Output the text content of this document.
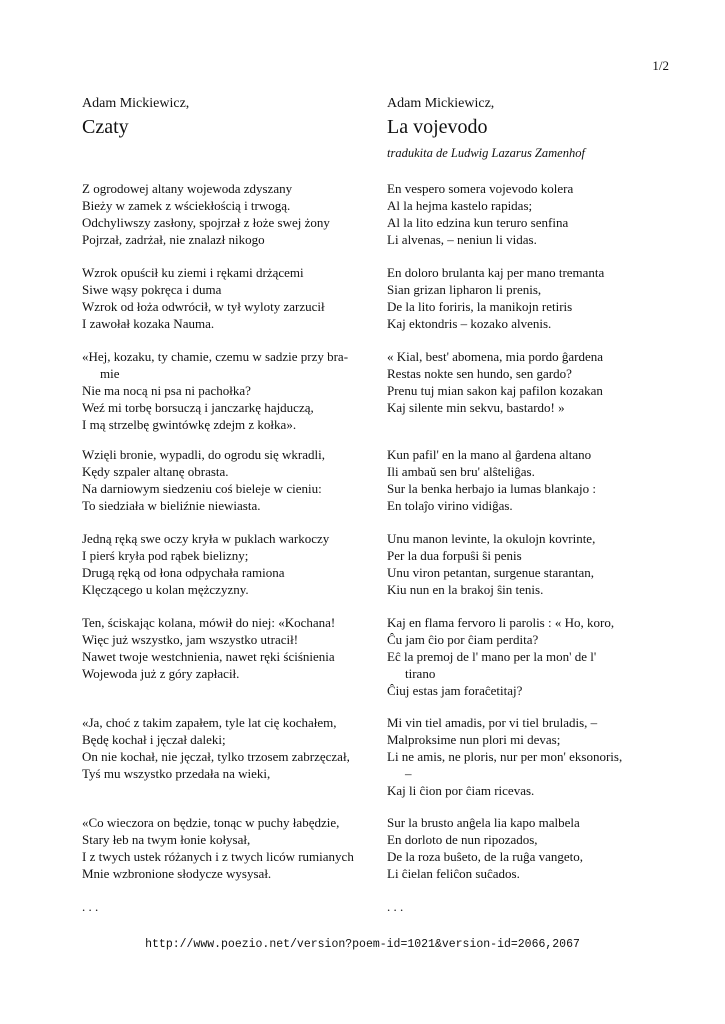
1/2
Adam Mickiewicz,
Czaty
Adam Mickiewicz,
La vojevodo
tradukita de Ludwig Lazarus Zamenhof
Z ogrodowej altany wojewoda zdyszany
Bieży w zamek z wściekłością i trwogą.
Odchyliwszy zasłony, spojrzał z łoże swej żony
Pojrzał, zadrżał, nie znalazł nikogo
Wzrok opuścił ku ziemi i rękami drżącemi
Siwe wąsy pokręca i duma
Wzrok od łoża odwrócił, w tył wyloty zarzucił
I zawołał kozaka Nauma.
«Hej, kozaku, ty chamie, czemu w sadzie przy bra-
mie
Nie ma nocą ni psa ni pachołka?
Weź mi torbę borsuczą i janczarkę hajduczą,
I mą strzelbę gwintówkę zdejm z kołka».
Wzięli bronie, wypadli, do ogrodu się wkradli,
Kędy szpaler altanę obrasta.
Na darniowym siedzeniu coś bieleje w cieniu:
To siedziała w bieliźnie niewiasta.
Jedną ręką swe oczy kryła w puklach warkoczy
I pierś kryła pod rąbek bielizny;
Drugą ręką od łona odpychała ramiona
Klęczącego u kolan mężczyzny.
Ten, ściskając kolana, mówił do niej: «Kochana!
Więc już wszystko, jam wszystko utracił!
Nawet twoje westchnienia, nawet ręki ściśnienia
Wojewoda już z góry zapłacił.
«Ja, choć z takim zapałem, tyle lat cię kochałem,
Będę kochał i jęczał daleki;
On nie kochał, nie jęczał, tylko trzosem zabrzęczał,
Tyś mu wszystko przedała na wieki,
«Co wieczora on będzie, tonąc w puchy łabędzie,
Stary łeb na twym łonie kołysał,
I z twych ustek różanych i z twych liców rumianych
Mnie wzbronione słodycze wysysał.
. . .
En vespero somera vojevodo kolera
Al la hejma kastelo rapidas;
Al la lito edzina kun teruro senfina
Li alvenas, – neniun li vidas.
En doloro brulanta kaj per mano tremanta
Sian grizan lipharon li prenis,
De la lito foriris, la manikojn retiris
Kaj ektondris – kozako alvenis.
« Kial, best' abomena, mia pordo ĝardena
Restas nokte sen hundo, sen gardo?
Prenu tuj mian sakon kaj pafilon kozakan
Kaj silente min sekvu, bastardo! »
Kun pafil' en la mano al ĝardena altano
Ili ambaŭ sen bru' alŝteliĝas.
Sur la benka herbajo ia lumas blankajo :
En tolaĵo virino vidiĝas.
Unu manon levinte, la okulojn kovrinte,
Per la dua forpuŝi ŝi penis
Unu viron petantan, surgenue starantan,
Kiu nun en la brakoj ŝin tenis.
Kaj en flama fervoro li parolis : « Ho, koro,
Ĉu jam ĉio por ĉiam perdita?
Eĉ la premoj de l' mano per la mon' de l'
tirano
Ĉiuj estas jam foraĉetitaj?
Mi vin tiel amadis, por vi tiel bruladis, –
Malproksime nun plori mi devas;
Li ne amis, ne ploris, nur per mon' eksonoris,
–
Kaj li ĉion por ĉiam ricevas.
Sur la brusto anĝela lia kapo malbela
En dorloto de nun ripozados,
De la roza buŝeto, de la ruĝa vangeto,
Li ĉielan feliĉon suĉados.
. . .
http://www.poezio.net/version?poem-id=1021&version-id=2066,2067
